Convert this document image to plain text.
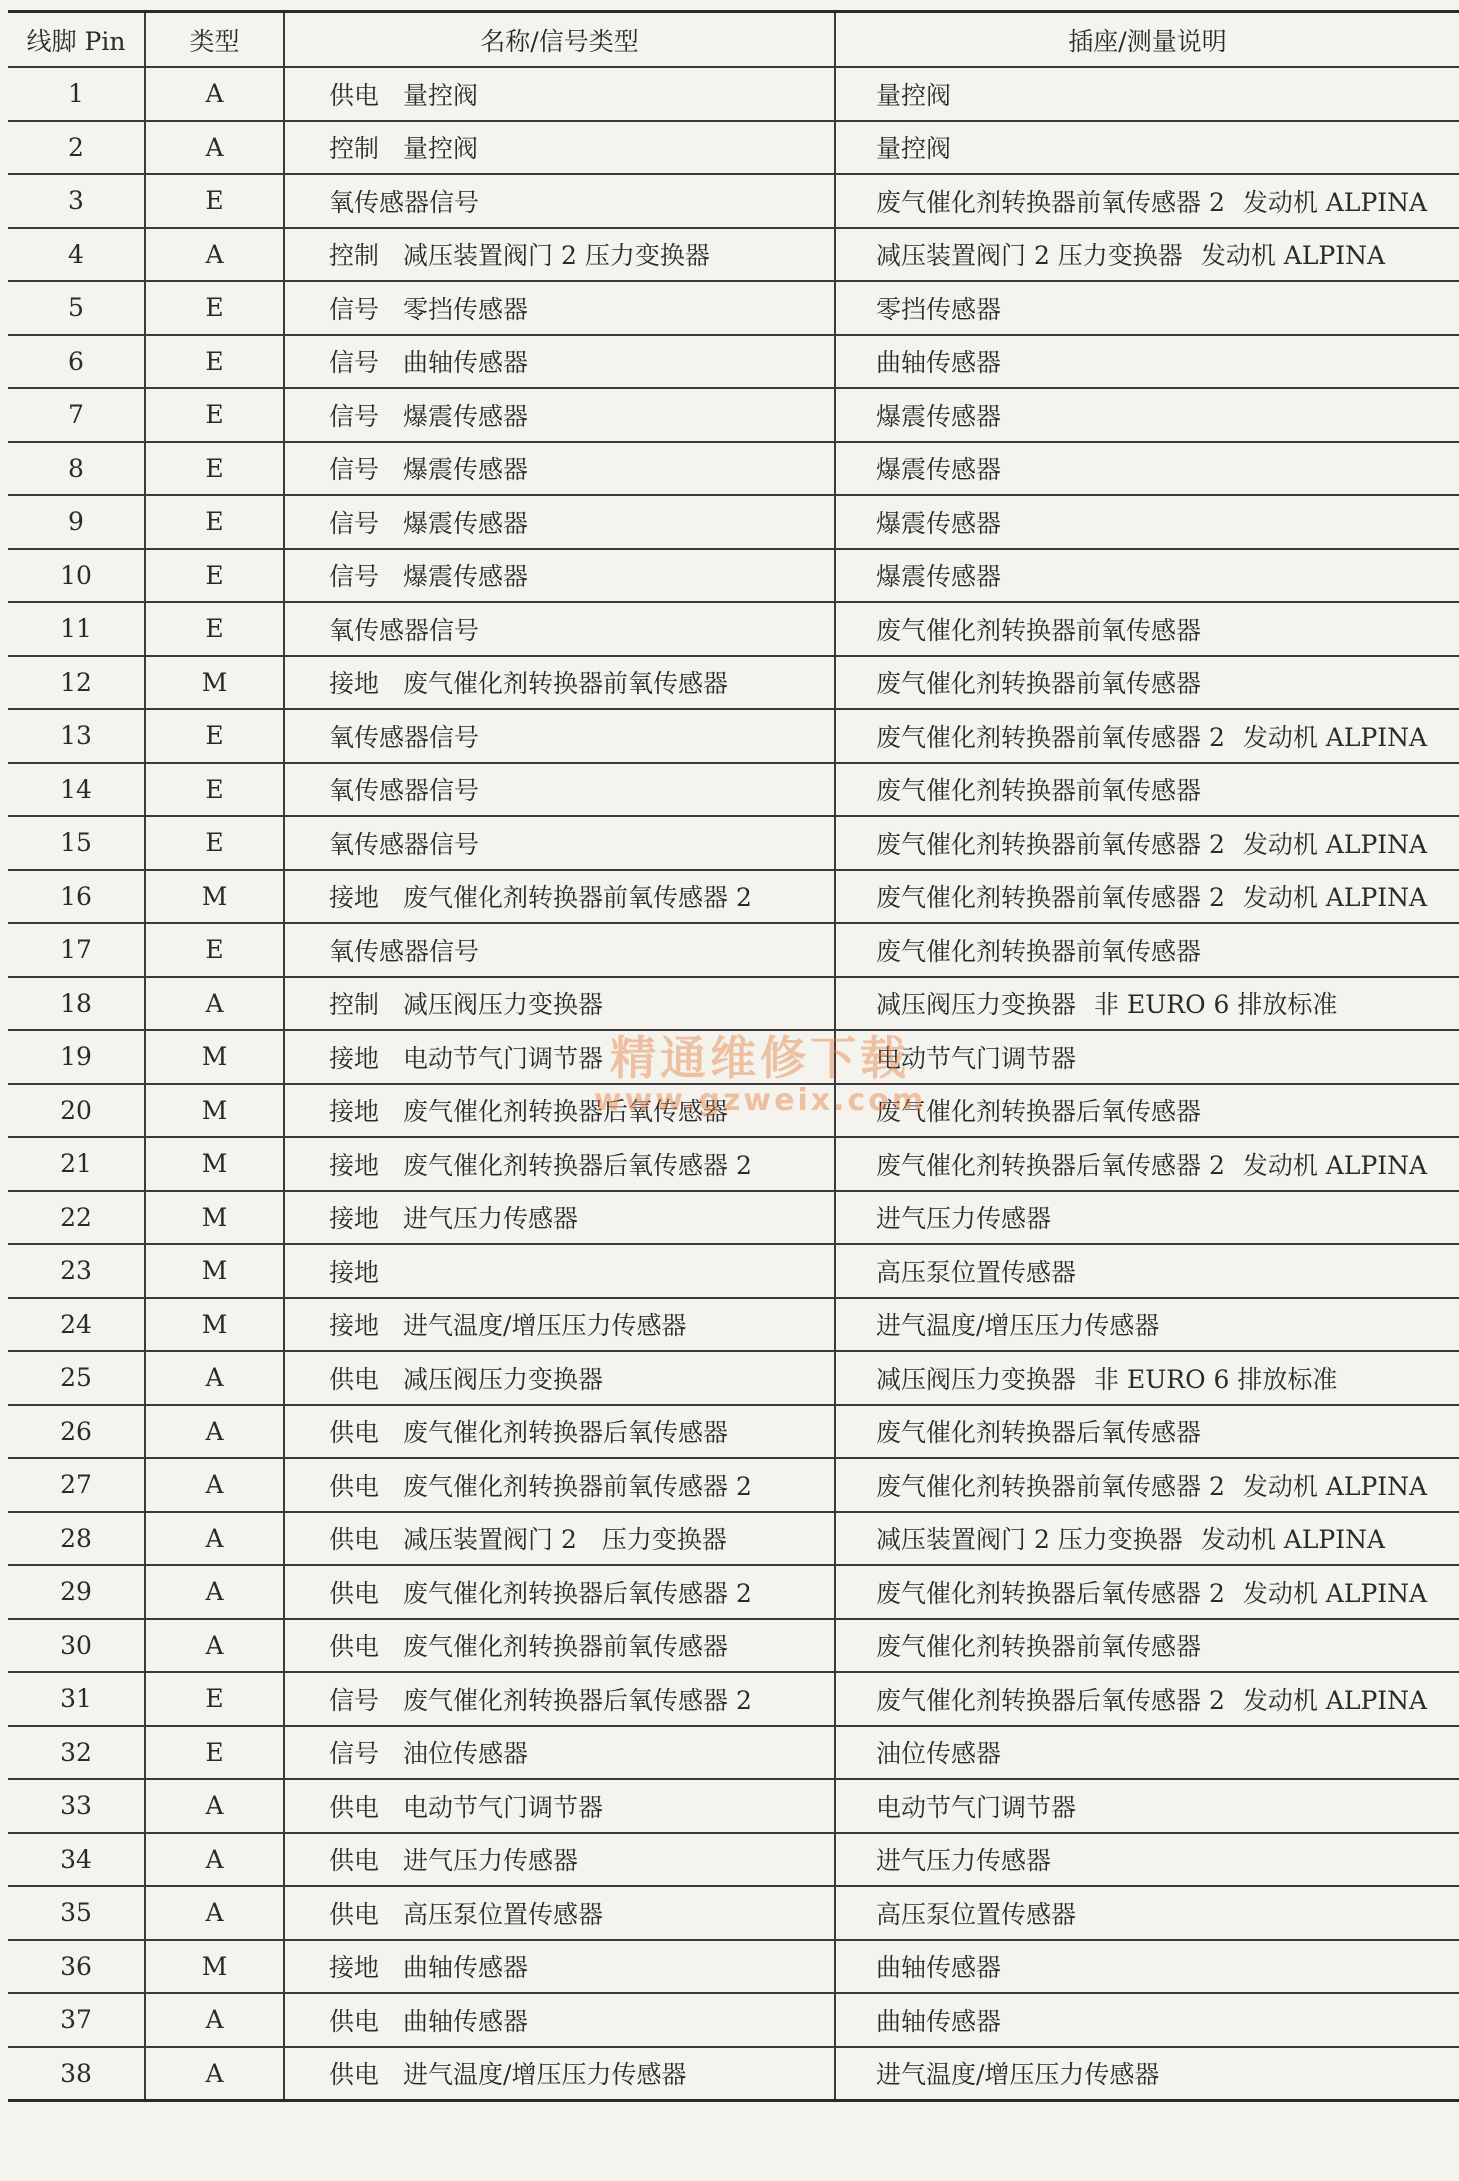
线脚 Pin	类型	名称/信号类型	插座/测量说明
1	A	供电 量控阀	量控阀
2	A	控制 量控阀	量控阀
3	E	氧传感器信号	废气催化剂转换器前氧传感器 2 发动机 ALPINA
4	A	控制 减压装置阀门 2 压力变换器	减压装置阀门 2 压力变换器 发动机 ALPINA
5	E	信号 零挡传感器	零挡传感器
6	E	信号 曲轴传感器	曲轴传感器
7	E	信号 爆震传感器	爆震传感器
8	E	信号 爆震传感器	爆震传感器
9	E	信号 爆震传感器	爆震传感器
10	E	信号 爆震传感器	爆震传感器
11	E	氧传感器信号	废气催化剂转换器前氧传感器
12	M	接地 废气催化剂转换器前氧传感器	废气催化剂转换器前氧传感器
13	E	氧传感器信号	废气催化剂转换器前氧传感器 2 发动机 ALPINA
14	E	氧传感器信号	废气催化剂转换器前氧传感器
15	E	氧传感器信号	废气催化剂转换器前氧传感器 2 发动机 ALPINA
16	M	接地 废气催化剂转换器前氧传感器 2	废气催化剂转换器前氧传感器 2 发动机 ALPINA
17	E	氧传感器信号	废气催化剂转换器前氧传感器
18	A	控制 减压阀压力变换器	减压阀压力变换器 非 EURO 6 排放标准
19	M	接地 电动节气门调节器	电动节气门调节器
20	M	接地 废气催化剂转换器后氧传感器	废气催化剂转换器后氧传感器
21	M	接地 废气催化剂转换器后氧传感器 2	废气催化剂转换器后氧传感器 2 发动机 ALPINA
22	M	接地 进气压力传感器	进气压力传感器
23	M	接地	高压泵位置传感器
24	M	接地 进气温度/增压压力传感器	进气温度/增压压力传感器
25	A	供电 减压阀压力变换器	减压阀压力变换器 非 EURO 6 排放标准
26	A	供电 废气催化剂转换器后氧传感器	废气催化剂转换器后氧传感器
27	A	供电 废气催化剂转换器前氧传感器 2	废气催化剂转换器前氧传感器 2 发动机 ALPINA
28	A	供电 减压装置阀门 2　压力变换器	减压装置阀门 2 压力变换器 发动机 ALPINA
29	A	供电 废气催化剂转换器后氧传感器 2	废气催化剂转换器后氧传感器 2 发动机 ALPINA
30	A	供电 废气催化剂转换器前氧传感器	废气催化剂转换器前氧传感器
31	E	信号 废气催化剂转换器后氧传感器 2	废气催化剂转换器后氧传感器 2 发动机 ALPINA
32	E	信号 油位传感器	油位传感器
33	A	供电 电动节气门调节器	电动节气门调节器
34	A	供电 进气压力传感器	进气压力传感器
35	A	供电 高压泵位置传感器	高压泵位置传感器
36	M	接地 曲轴传感器	曲轴传感器
37	A	供电 曲轴传感器	曲轴传感器
38	A	供电 进气温度/增压压力传感器	进气温度/增压压力传感器
精通维修下载
www.gzweix.com
